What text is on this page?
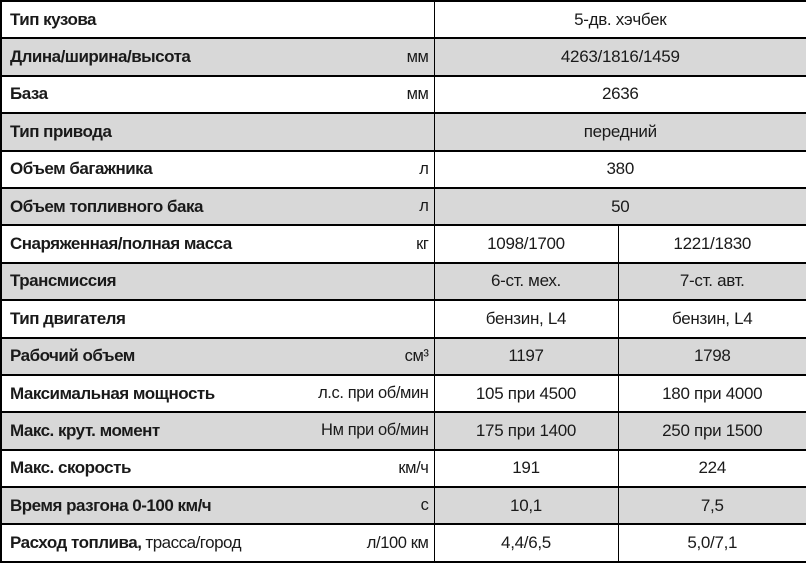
Тип кузова	5-дв. хэчбек	

Длина/ширина/высота мм	4263/1816/1459	

База мм	2636	

Тип привода	передний	

Объем багажника л	380	

Объем топливного бака л	50	

Снаряженная/полная масса кг	1098/1700	1221/1830

Трансмиссия	6-ст. мех.	7-ст. авт.

Тип двигателя	бензин, L4	бензин, L4

Рабочий объем см³	1197	1798

Максимальная мощность л.с. при об/мин	105 при 4500	180 при 4000

Макс. крут. момент Нм при об/мин	175 при 1400	250 при 1500

Макс. скорость км/ч	191	224

Время разгона 0-100 км/ч с	10,1	7,5

Расход топлива, трасса/город л/100 км	4,4/6,5	5,0/7,1
